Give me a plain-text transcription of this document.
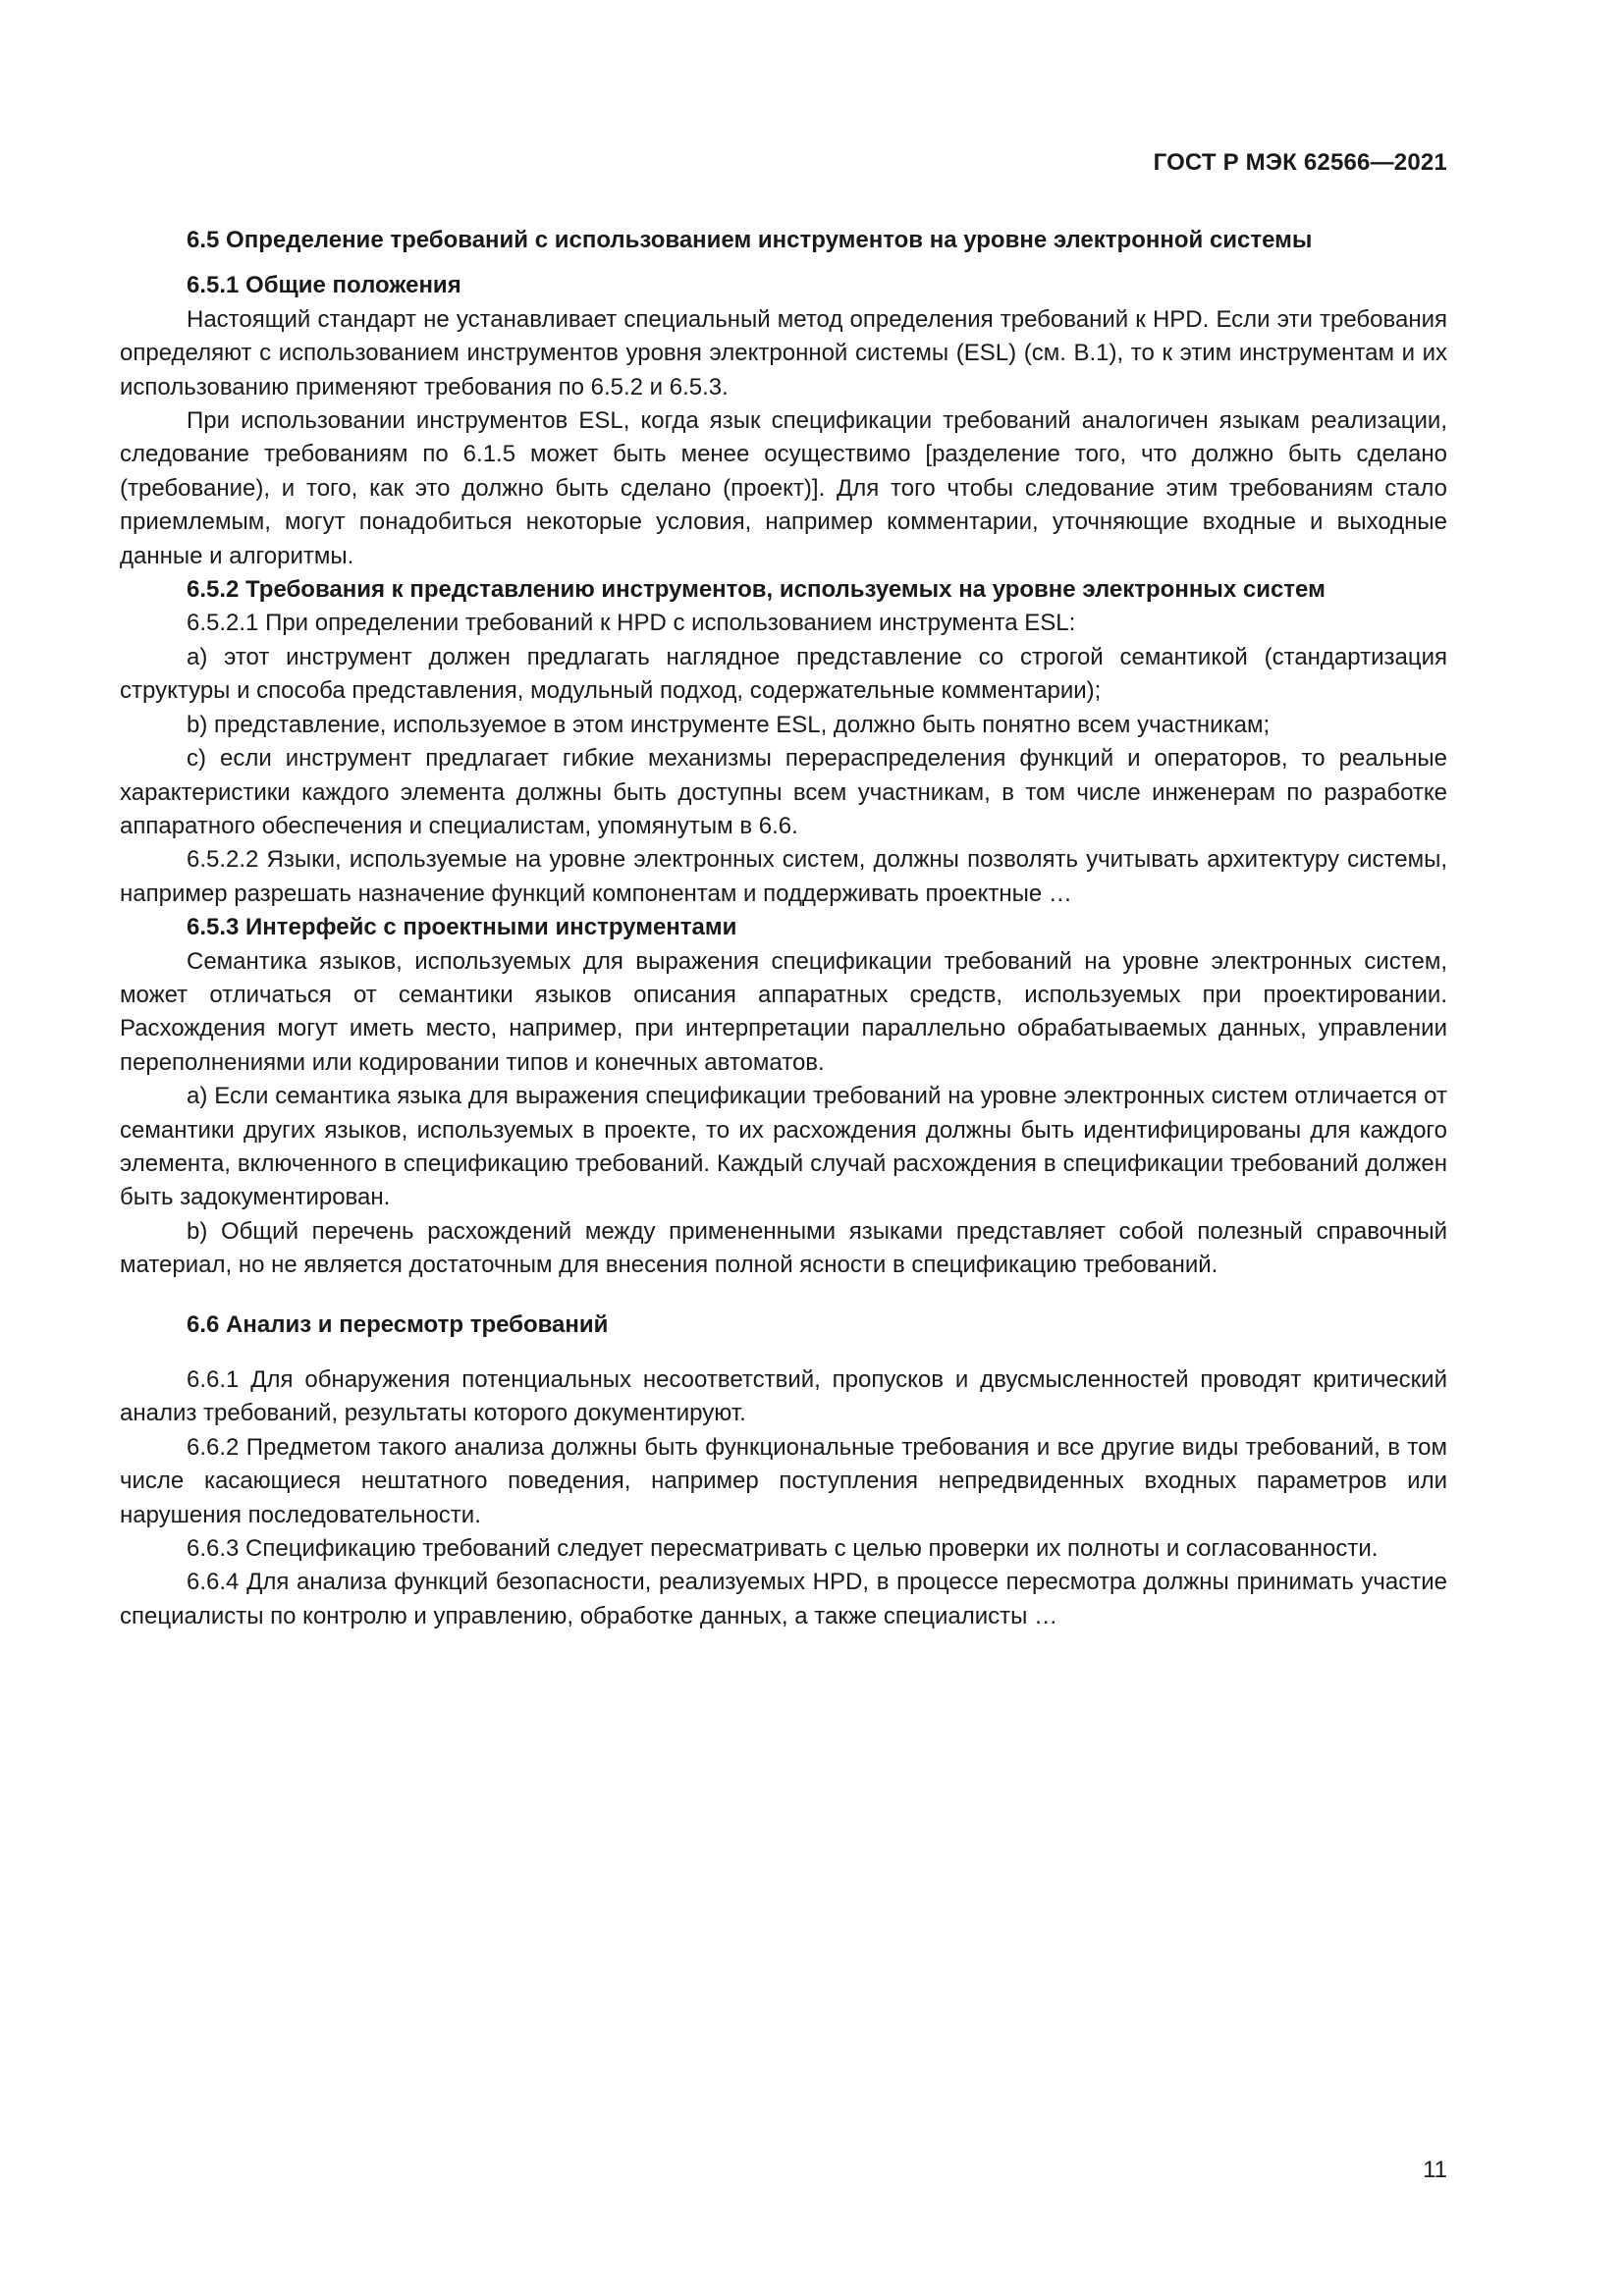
ГОСТ Р МЭК 62566—2021
6.5 Определение требований с использованием инструментов на уровне электронной системы
6.5.1 Общие положения

Настоящий стандарт не устанавливает специальный метод определения требований к HPD. Если эти требования определяют с использованием инструментов уровня электронной системы (ESL) (см. B.1), то к этим инструментам и их использованию применяют требования по 6.5.2 и 6.5.3.

При использовании инструментов ESL, когда язык спецификации требований аналогичен языкам реализации, следование требованиям по 6.1.5 может быть менее осуществимо [разделение того, что должно быть сделано (требование), и того, как это должно быть сделано (проект)]. Для того чтобы следование этим требованиям стало приемлемым, могут понадобиться некоторые условия, например комментарии, уточняющие входные и выходные данные и алгоритмы.

6.5.2 Требования к представлению инструментов, используемых на уровне электронных систем

6.5.2.1 При определении требований к HPD с использованием инструмента ESL:

a) этот инструмент должен предлагать наглядное представление со строгой семантикой (стандартизация структуры и способа представления, модульный подход, содержательные комментарии);

b) представление, используемое в этом инструменте ESL, должно быть понятно всем участникам;

c) если инструмент предлагает гибкие механизмы перераспределения функций и операторов, то реальные характеристики каждого элемента должны быть доступны всем участникам, в том числе инженерам по разработке аппаратного обеспечения и специалистам, упомянутым в 6.6.

6.5.2.2 Языки, используемые на уровне электронных систем, должны позволять учитывать архитектуру системы, например разрешать назначение функций компонентам и поддерживать проектные …

6.5.3 Интерфейс с проектными инструментами

Семантика языков, используемых для выражения спецификации требований на уровне электронных систем, может отличаться от семантики языков описания аппаратных средств, используемых при проектировании. Расхождения могут иметь место, например, при интерпретации параллельно обрабатываемых данных, управлении переполнениями или кодировании типов и конечных автоматов.

a) Если семантика языка для выражения спецификации требований на уровне электронных систем отличается от семантики других языков, используемых в проекте, то их расхождения должны быть идентифицированы для каждого элемента, включенного в спецификацию требований. Каждый случай расхождения в спецификации требований должен быть задокументирован.

b) Общий перечень расхождений между примененными языками представляет собой полезный справочный материал, но не является достаточным для внесения полной ясности в спецификацию требований.

6.6 Анализ и пересмотр требований

6.6.1 Для обнаружения потенциальных несоответствий, пропусков и двусмысленностей проводят критический анализ требований, результаты которого документируют.

6.6.2 Предметом такого анализа должны быть функциональные требования и все другие виды требований, в том числе касающиеся нештатного поведения, например поступления непредвиденных входных параметров или нарушения последовательности.

6.6.3 Спецификацию требований следует пересматривать с целью проверки их полноты и согласованности.

6.6.4 Для анализа функций безопасности, реализуемых HPD, в процессе пересмотра должны принимать участие специалисты по контролю и управлению, обработке данных, а также специалисты …

11
